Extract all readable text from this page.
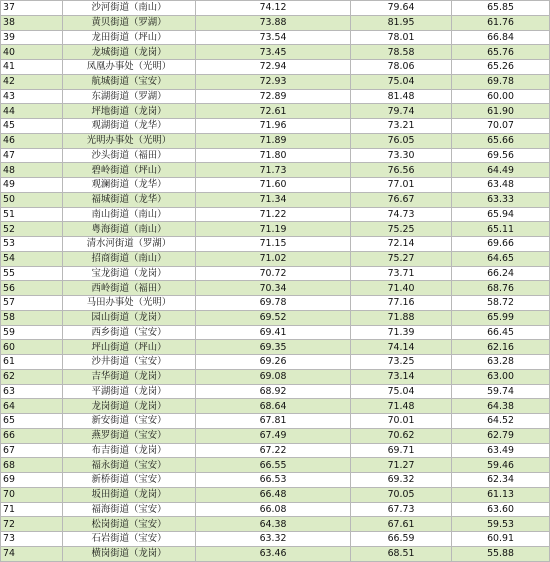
37	沙河街道（南山）	74.12	79.64	65.85
38	黄贝街道（罗湖）	73.88	81.95	61.76
39	龙田街道（坪山）	73.54	78.01	66.84
40	龙城街道（龙岗）	73.45	78.58	65.76
41	凤凰办事处（光明）	72.94	78.06	65.26
42	航城街道（宝安）	72.93	75.04	69.78
43	东湖街道（罗湖）	72.89	81.48	60.00
44	坪地街道（龙岗）	72.61	79.74	61.90
45	观湖街道（龙华）	71.96	73.21	70.07
46	光明办事处（光明）	71.89	76.05	65.66
47	沙头街道（福田）	71.80	73.30	69.56
48	碧岭街道（坪山）	71.73	76.56	64.49
49	观澜街道（龙华）	71.60	77.01	63.48
50	福城街道（龙华）	71.34	76.67	63.33
51	南山街道（南山）	71.22	74.73	65.94
52	粤海街道（南山）	71.19	75.25	65.11
53	清水河街道（罗湖）	71.15	72.14	69.66
54	招商街道（南山）	71.02	75.27	64.65
55	宝龙街道（龙岗）	70.72	73.71	66.24
56	西岭街道（福田）	70.34	71.40	68.76
57	马田办事处（光明）	69.78	77.16	58.72
58	园山街道（龙岗）	69.52	71.88	65.99
59	西乡街道（宝安）	69.41	71.39	66.45
60	坪山街道（坪山）	69.35	74.14	62.16
61	沙井街道（宝安）	69.26	73.25	63.28
62	吉华街道（龙岗）	69.08	73.14	63.00
63	平湖街道（龙岗）	68.92	75.04	59.74
64	龙岗街道（龙岗）	68.64	71.48	64.38
65	新安街道（宝安）	67.81	70.01	64.52
66	燕罗街道（宝安）	67.49	70.62	62.79
67	布吉街道（龙岗）	67.22	69.71	63.49
68	福永街道（宝安）	66.55	71.27	59.46
69	新桥街道（宝安）	66.53	69.32	62.34
70	坂田街道（龙岗）	66.48	70.05	61.13
71	福海街道（宝安）	66.08	67.73	63.60
72	松岗街道（宝安）	64.38	67.61	59.53
73	石岩街道（宝安）	63.32	66.59	60.91
74	横岗街道（龙岗）	63.46	68.51	55.88
